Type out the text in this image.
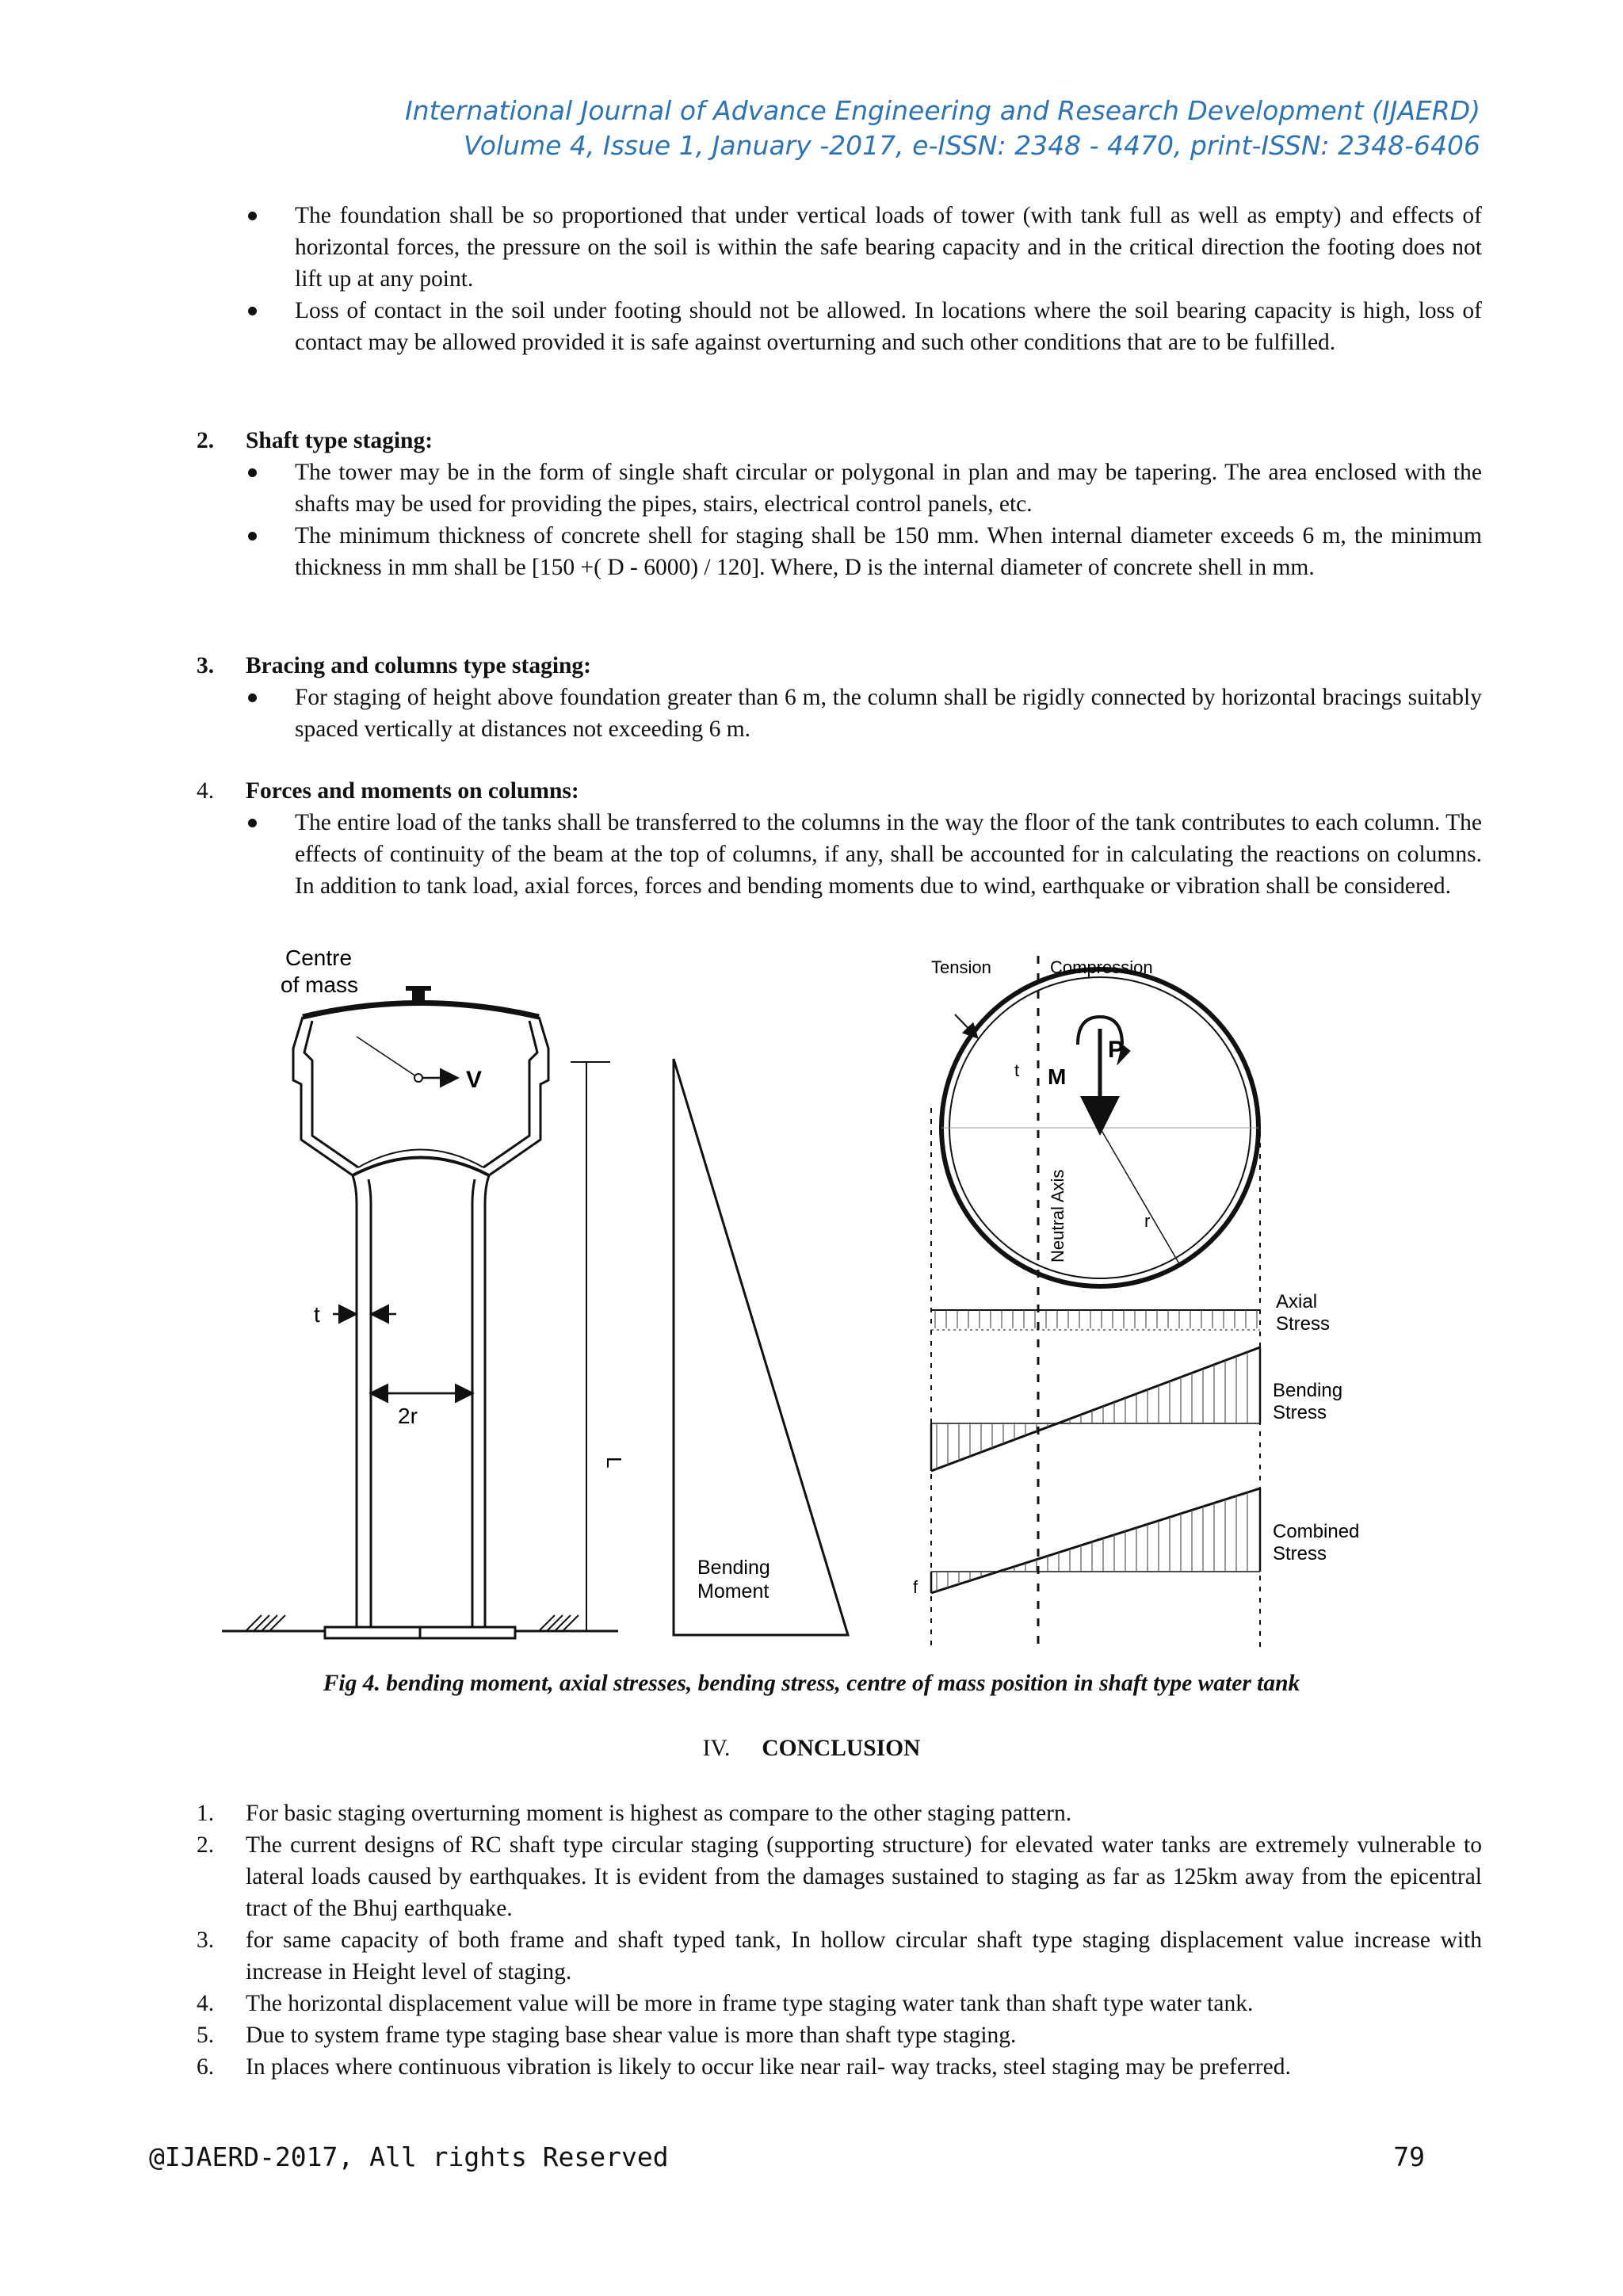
International Journal of Advance Engineering and Research Development (IJAERD)
Volume 4, Issue 1, January -2017, e-ISSN: 2348 - 4470, print-ISSN: 2348-6406

The foundation shall be so proportioned that under vertical loads of tower (with tank full as well as empty) and effects of horizontal forces, the pressure on the soil is within the safe bearing capacity and in the critical direction the footing does not lift up at any point.

Loss of contact in the soil under footing should not be allowed. In locations where the soil bearing capacity is high, loss of contact may be allowed provided it is safe against overturning and such other conditions that are to be fulfilled.

2. Shaft type staging:

The tower may be in the form of single shaft circular or polygonal in plan and may be tapering. The area enclosed with the shafts may be used for providing the pipes, stairs, electrical control panels, etc.

The minimum thickness of concrete shell for staging shall be 150 mm. When internal diameter exceeds 6 m, the minimum thickness in mm shall be [150 +( D - 6000) / 120]. Where, D is the internal diameter of concrete shell in mm.

3. Bracing and columns type staging:

For staging of height above foundation greater than 6 m, the column shall be rigidly connected by horizontal bracings suitably spaced vertically at distances not exceeding 6 m.

4. Forces and moments on columns:

The entire load of the tanks shall be transferred to the columns in the way the floor of the tank contributes to each column. The effects of continuity of the beam at the top of columns, if any, shall be accounted for in calculating the reactions on columns. In addition to tank load, axial forces, forces and bending moments due to wind, earthquake or vibration shall be considered.

Centre
of mass
V
t
2r
L
Bending
Moment
Tension	Compression
P
M
t
Neutral Axis	r
Axial
Stress
Bending
Stress
Combined
Stress
f
Fig 4. bending moment, axial stresses, bending stress, centre of mass position in shaft type water tank
IV. CONCLUSION

1. For basic staging overturning moment is highest as compare to the other staging pattern.

2. The current designs of RC shaft type circular staging (supporting structure) for elevated water tanks are extremely vulnerable to lateral loads caused by earthquakes. It is evident from the damages sustained to staging as far as 125km away from the epicentral tract of the Bhuj earthquake.

3. for same capacity of both frame and shaft typed tank, In hollow circular shaft type staging displacement value increase with increase in Height level of staging.

4. The horizontal displacement value will be more in frame type staging water tank than shaft type water tank.

5. Due to system frame type staging base shear value is more than shaft type staging.

6. In places where continuous vibration is likely to occur like near rail- way tracks, steel staging may be preferred.

@IJAERD-2017, All rights Reserved	79
